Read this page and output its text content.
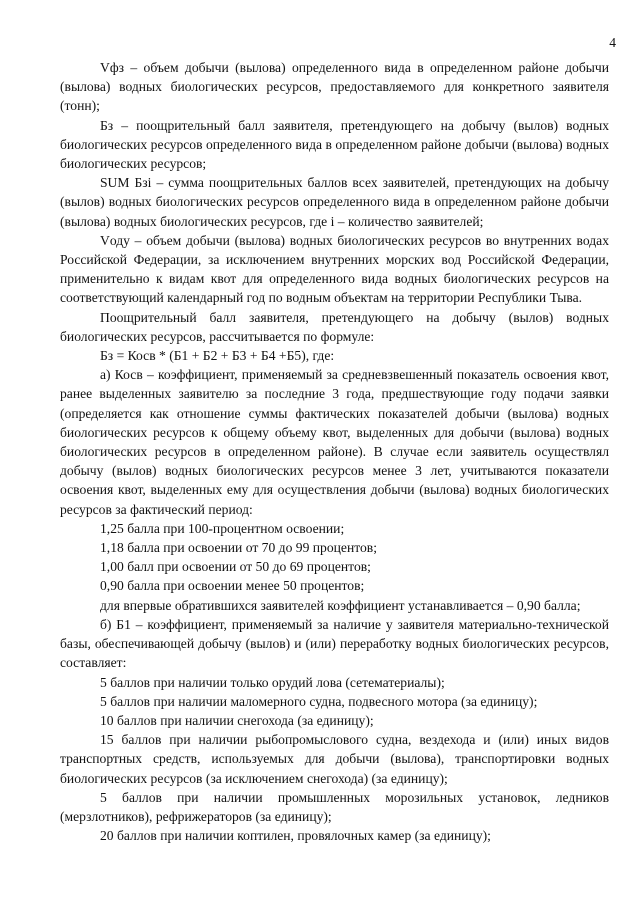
4

Vфз – объем добычи (вылова) определенного вида в определенном районе добычи (вылова) водных биологических ресурсов, предоставляемого для конкретного заявителя (тонн);

Бз – поощрительный балл заявителя, претендующего на добычу (вылов) водных биологических ресурсов определенного вида в определенном районе добычи (вылова) водных биологических ресурсов;

SUM Бзi – сумма поощрительных баллов всех заявителей, претендующих на добычу (вылов) водных биологических ресурсов определенного вида в определенном районе добычи (вылова) водных биологических ресурсов, где i – количество заявителей;

Vоду – объем добычи (вылова) водных биологических ресурсов во внутренних водах Российской Федерации, за исключением внутренних морских вод Российской Федерации, применительно к видам квот для определенного вида водных биологических ресурсов на соответствующий календарный год по водным объектам на территории Республики Тыва.

Поощрительный балл заявителя, претендующего на добычу (вылов) водных биологических ресурсов, рассчитывается по формуле:

Бз = Косв * (Б1 + Б2 + Б3 + Б4 +Б5), где:

а) Косв – коэффициент, применяемый за средневзвешенный показатель освоения квот, ранее выделенных заявителю за последние 3 года, предшествующие году подачи заявки (определяется как отношение суммы фактических показателей добычи (вылова) водных биологических ресурсов к общему объему квот, выделенных для добычи (вылова) водных биологических ресурсов в определенном районе). В случае если заявитель осуществлял добычу (вылов) водных биологических ресурсов менее 3 лет, учитываются показатели освоения квот, выделенных ему для осуществления добычи (вылова) водных биологических ресурсов за фактический период:

1,25 балла при 100-процентном освоении;

1,18 балла при освоении от 70 до 99 процентов;

1,00 балл при освоении от 50 до 69 процентов;

0,90 балла при освоении менее 50 процентов;

для впервые обратившихся заявителей коэффициент устанавливается – 0,90 балла;

б) Б1 – коэффициент, применяемый за наличие у заявителя материально-технической базы, обеспечивающей добычу (вылов) и (или) переработку водных биологических ресурсов, составляет:

5 баллов при наличии только орудий лова (сетематериалы);

5 баллов при наличии маломерного судна, подвесного мотора (за единицу);

10 баллов при наличии снегохода (за единицу);

15 баллов при наличии рыбопромыслового судна, вездехода и (или) иных видов транспортных средств, используемых для добычи (вылова), транспортировки водных биологических ресурсов (за исключением снегохода) (за единицу);

5 баллов при наличии промышленных морозильных установок, ледников (мерзлотников), рефрижераторов (за единицу);

20 баллов при наличии коптилен, провялочных камер (за единицу);
